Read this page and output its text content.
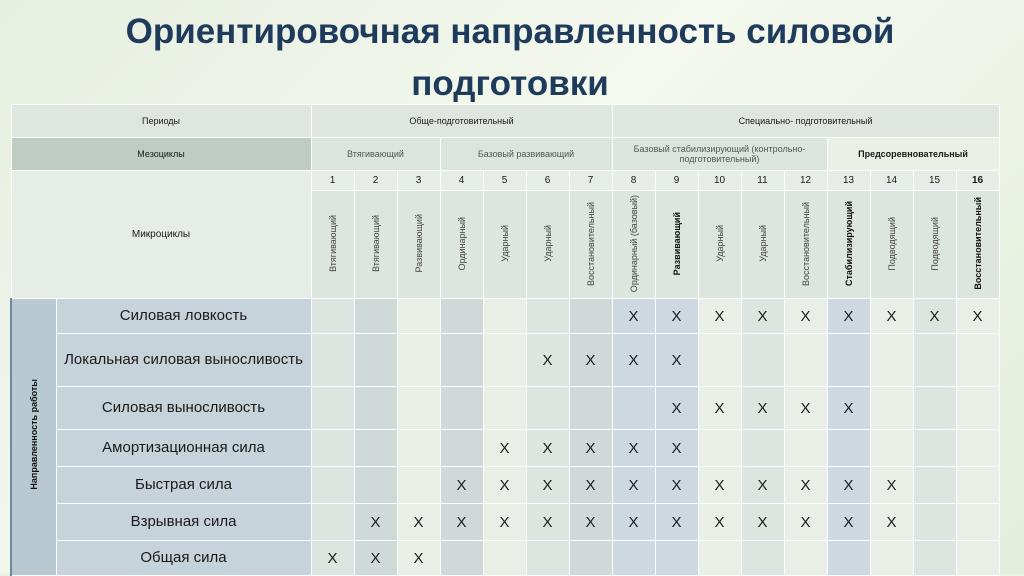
Ориентировочная направленность силовой подготовки
Периоды		Обще-подготовительный							Специально- подготовительный								
Мезоциклы		Втягивающий			Базовый развивающий				Базовый стабилизирующий (контрольно-подготовительный)					Предсоревновательный			
Микроциклы		1	2	3	4	5	6	7	8	9	10	11	12	13	14	15	16
		Втягивающий	Втягивающий	Развивающий	Ординарный	Ударный	Ударный	Восстановительный	Ординарный (базовый)	Развивающий	Ударный	Ударный	Восстановительный	Стабилизирующий	Подводящий	Подводящий	Восстановительный
Направленность работы	Силовая ловкость								X	X	X	X	X	X	X	X	X
	Локальная силовая выносливость						X	X	X	X							
	Силовая выносливость									X	X	X	X	X			
	Амортизационная сила					X	X	X	X	X							
	Быстрая сила				X	X	X	X	X	X	X	X	X	X	X		
	Взрывная сила		X	X	X	X	X	X	X	X	X	X	X	X	X		
	Общая сила	X	X	X													
